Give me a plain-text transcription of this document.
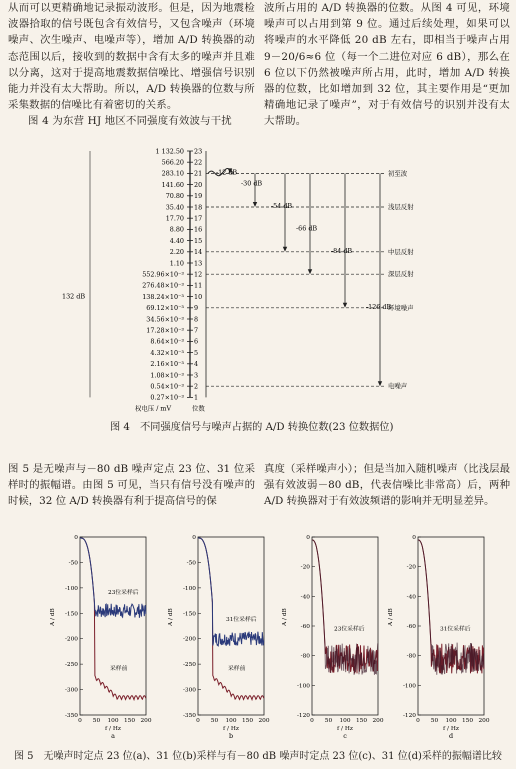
从而可以更精确地记录振动波形。但是，因为地震检波器拾取的信号既包含有效信号，又包含噪声（环境噪声、次生噪声、电噪声等），增加 A/D 转换器的动态范围以后，接收到的数据中含有太多的噪声并且难以分离，这对于提高地震数据信噪比、增强信号识别能力并没有太大帮助。所以，A/D 转换器的位数与所采集数据的信噪比有着密切的关系。
图 4 为东营 HJ 地区不同强度有效波与干扰

波所占用的 A/D 转换器的位数。从图 4 可见，环境噪声可以占用到第 9 位。通过后续处理，如果可以将噪声的水平降低 20 dB 左右，即相当于噪声占用 9－20/6≈6 位（每一个二进位对应 6 dB），那么在 6 位以下仍然被噪声所占用，此时，增加 A/D 转换器的位数，比如增加到 32 位，其主要作用是“更加精确地记录了噪声”，对于有效信号的识别并没有太大帮助。

1 132.50 23
566.20 22
283.10 21
141.60 20
70.80 19
35.40 18
17.70 17
8.80 16
4.40 15
2.20 14
1.10 13
552.96×10⁻³ 12
276.48×10⁻³ 11
138.24×10⁻³ 10
69.12×10⁻³ 9
34.56×10⁻³ 8
17.28×10⁻³ 7
8.64×10⁻³ 6
4.32×10⁻³ 5
2.16×10⁻³ 4
1.08×10⁻³ 3
0.54×10⁻³ 2
0.27×10⁻³ 1
132 dB
权电压 / mV	位数
-12 dB	初至波
-30 dB
浅层反射
-54 dB
中层反射
-66 dB
深层反射
-84 dB
环境噪声
-126 dB
电噪声
图 4　不同强度信号与噪声占据的 A/D 转换位数(23 位数据位)

图 5 是无噪声与－80 dB 噪声定点 23 位、31 位采样时的振幅谱。由图 5 可见，当只有信号没有噪声的时候，32 位 A/D 转换器有利于提高信号的保

真度（采样噪声小）；但是当加入随机噪声（比浅层最强有效波弱－80 dB，代表信噪比非常高）后，两种 A/D 转换器对于有效波频谱的影响并无明显差异。

0
-50
-100
-150
-200
-250
-300
-350
0 50 100 150 200
f / Hz
a
A / dB
23位采样后
采样前
0
-50
-100
-150
-200
-250
-300
-350
0 50 100 150 200
f / Hz
b
A / dB	31位采样后
采样前
0
-20
-40
-60
-80
-100
-120
0 50 100 150 200
f / Hz
c
A / dB
23位采样后
0
-20
-40
-60
-80
-100
-120
0 50 100 150 200
f / Hz
d
A / dB
31位采样后
图 5　无噪声时定点 23 位(a)、31 位(b)采样与有－80 dB 噪声时定点 23 位(c)、31 位(d)采样的振幅谱比较
